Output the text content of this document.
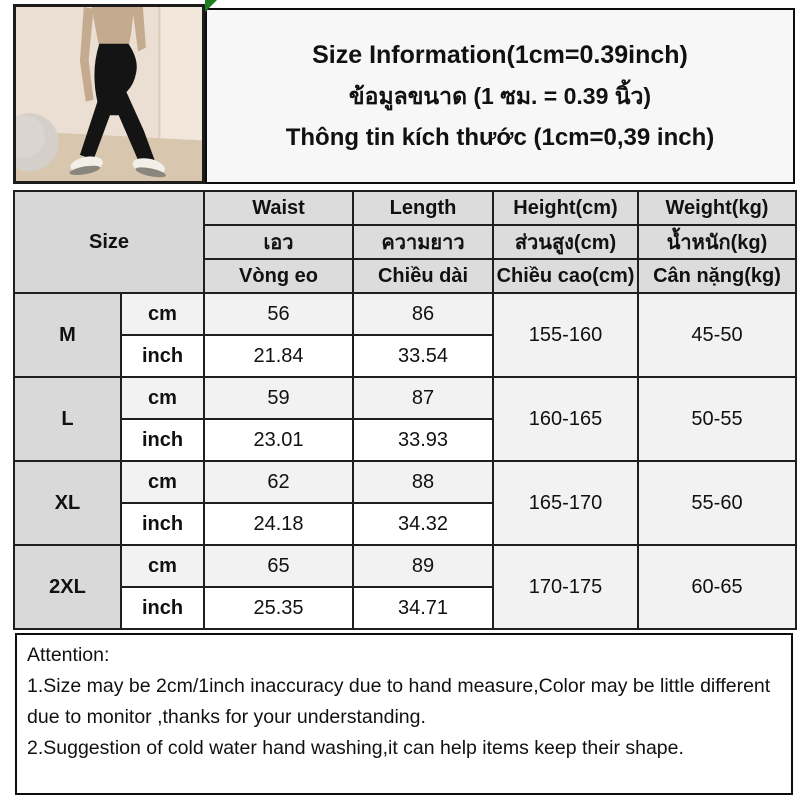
Size Information(1cm=0.39inch)
ข้อมูลขนาด (1 ซม. = 0.39 นิ้ว)
Thông tin kích thước (1cm=0,39 inch)
Size		Waist	Length	Height(cm)	Weight(kg)
		เอว	ความยาว	ส่วนสูง(cm)	น้ำหนัก(kg)
		Vòng eo	Chiều dài	Chiều cao(cm)	Cân nặng(kg)
M	cm	56	86	155-160	45-50
	inch	21.84	33.54		
L	cm	59	87	160-165	50-55
	inch	23.01	33.93		
XL	cm	62	88	165-170	55-60
	inch	24.18	34.32		
2XL	cm	65	89	170-175	60-65
	inch	25.35	34.71		
Attention:
1.Size may be 2cm/1inch inaccuracy due to hand measure,Color may be little different due to monitor ,thanks for your understanding.
2.Suggestion of cold water hand washing,it can help items keep their shape.
